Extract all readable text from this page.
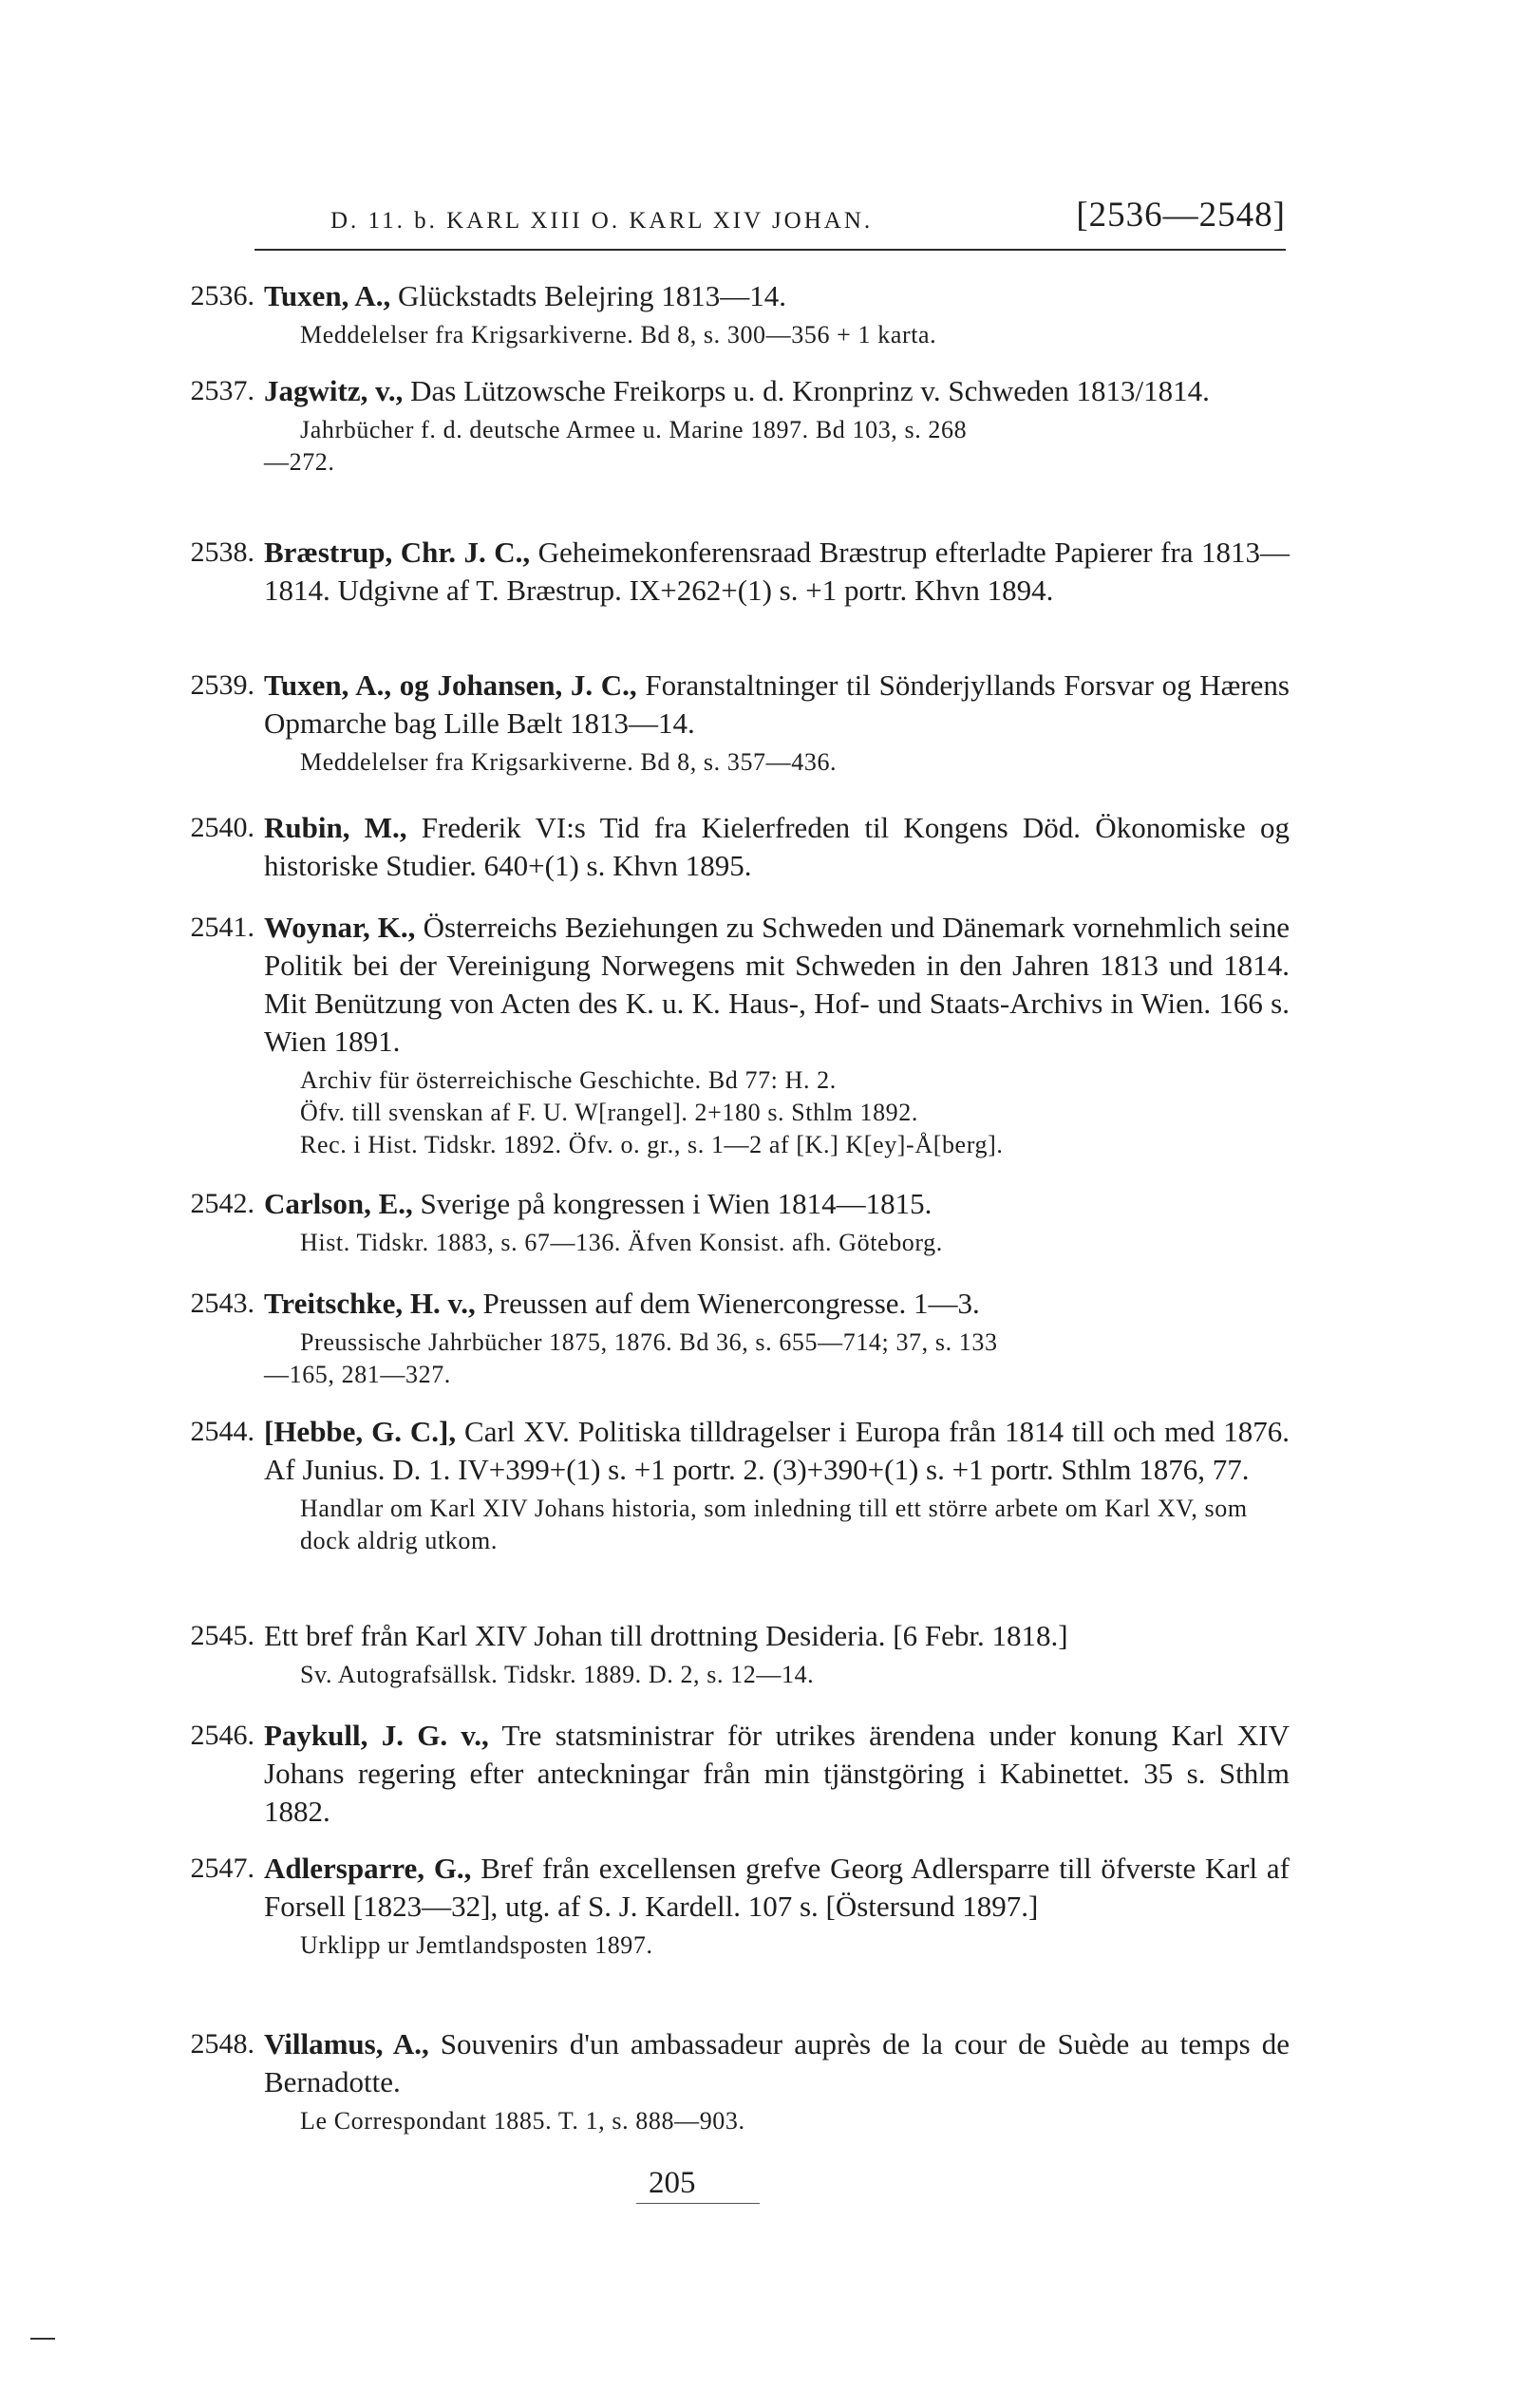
D. 11. b. KARL XIII O. KARL XIV JOHAN.	[2536—2548]
2536. Tuxen, A., Glückstadts Belejring 1813—14.

Meddelelser fra Krigsarkiverne. Bd 8, s. 300—356 + 1 karta.

2537. Jagwitz, v., Das Lützowsche Freikorps u. d. Kronprinz v. Schweden 1813/1814.

Jahrbücher f. d. deutsche Armee u. Marine 1897. Bd 103, s. 268

—272.

2538. Bræstrup, Chr. J. C., Geheimekonferensraad Bræstrup efterladte Papierer fra 1813—1814. Udgivne af T. Bræstrup. IX+262+(1) s. +1 portr. Khvn 1894.

2539. Tuxen, A., og Johansen, J. C., Foranstaltninger til Sönderjyllands Forsvar og Hærens Opmarche bag Lille Bælt 1813—14.

Meddelelser fra Krigsarkiverne. Bd 8, s. 357—436.

2540. Rubin, M., Frederik VI:s Tid fra Kielerfreden til Kongens Död. Ökonomiske og historiske Studier. 640+(1) s. Khvn 1895.

2541. Woynar, K., Österreichs Beziehungen zu Schweden und Dänemark vornehmlich seine Politik bei der Vereinigung Norwegens mit Schweden in den Jahren 1813 und 1814. Mit Benützung von Acten des K. u. K. Haus-, Hof- und Staats-Archivs in Wien. 166 s. Wien 1891.

Archiv für österreichische Geschichte. Bd 77: H. 2.

Öfv. till svenskan af F. U. W[rangel]. 2+180 s. Sthlm 1892.

Rec. i Hist. Tidskr. 1892. Öfv. o. gr., s. 1—2 af [K.] K[ey]-Å[berg].

2542. Carlson, E., Sverige på kongressen i Wien 1814—1815.

Hist. Tidskr. 1883, s. 67—136. Äfven Konsist. afh. Göteborg.

2543. Treitschke, H. v., Preussen auf dem Wienercongresse. 1—3.

Preussische Jahrbücher 1875, 1876. Bd 36, s. 655—714; 37, s. 133

—165, 281—327.

2544. [Hebbe, G. C.], Carl XV. Politiska tilldragelser i Europa från 1814 till och med 1876. Af Junius. D. 1. IV+399+(1) s. +1 portr. 2. (3)+390+(1) s. +1 portr. Sthlm 1876, 77.

Handlar om Karl XIV Johans historia, som inledning till ett större arbete om Karl XV, som dock aldrig utkom.

2545. Ett bref från Karl XIV Johan till drottning Desideria. [6 Febr. 1818.]

Sv. Autografsällsk. Tidskr. 1889. D. 2, s. 12—14.

2546. Paykull, J. G. v., Tre statsministrar för utrikes ärendena under konung Karl XIV Johans regering efter anteckningar från min tjänstgöring i Kabinettet. 35 s. Sthlm 1882.

2547. Adlersparre, G., Bref från excellensen grefve Georg Adlersparre till öfverste Karl af Forsell [1823—32], utg. af S. J. Kardell. 107 s. [Östersund 1897.]

Urklipp ur Jemtlandsposten 1897.

2548. Villamus, A., Souvenirs d'un ambassadeur auprès de la cour de Suède au temps de Bernadotte.

Le Correspondant 1885. T. 1, s. 888—903.

205
